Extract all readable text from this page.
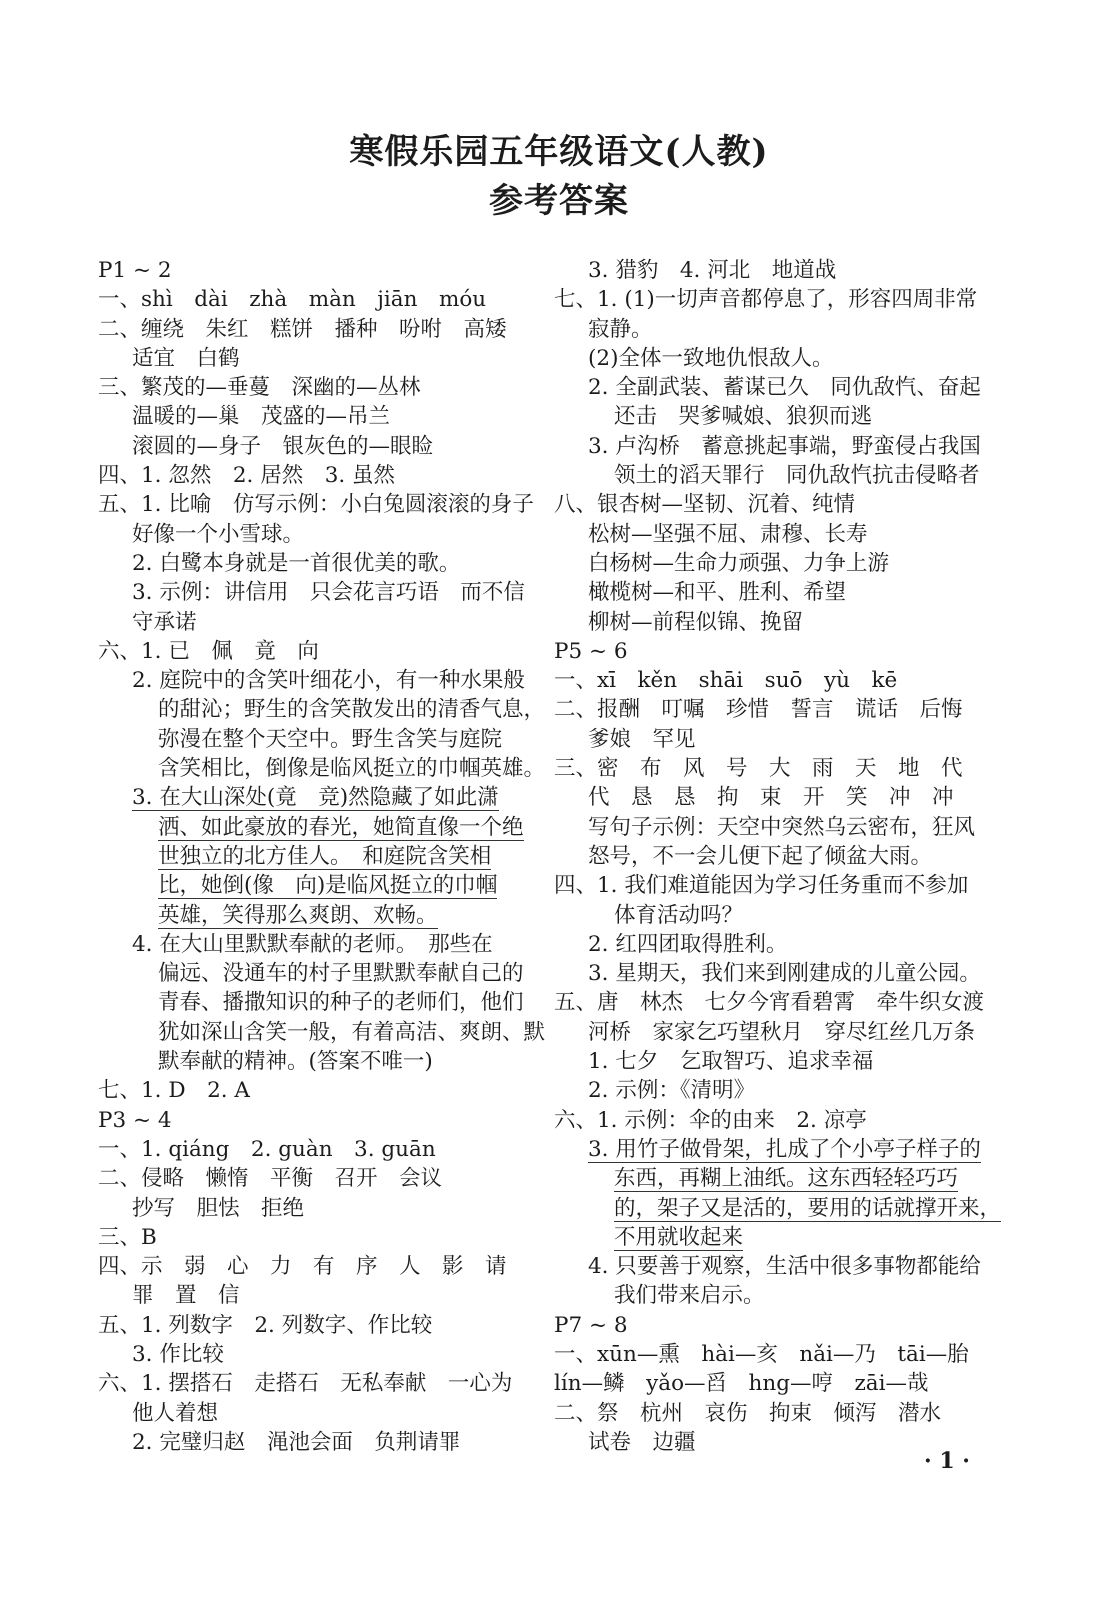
寒假乐园五年级语文(人教)
参考答案
P1 ~ 2
一、shì　dài　zhà　màn　jiān　móu
二、缠绕　朱红　糕饼　播种　吩咐　高矮
适宜　白鹤
三、繁茂的—垂蔓　深幽的—丛林
温暖的—巢　茂盛的—吊兰
滚圆的—身子　银灰色的—眼睑
四、1. 忽然　2. 居然　3. 虽然
五、1. 比喻　仿写示例：小白兔圆滚滚的身子
好像一个小雪球。
2. 白鹭本身就是一首很优美的歌。
3. 示例：讲信用　只会花言巧语　而不信
守承诺
六、1. 已　佩　竟　向
2. 庭院中的含笑叶细花小，有一种水果般
的甜沁；野生的含笑散发出的清香气息，
弥漫在整个天空中。野生含笑与庭院
含笑相比，倒像是临风挺立的巾帼英雄。
3. 在大山深处(竟　竞)然隐藏了如此潇
洒、如此豪放的春光，她简直像一个绝
世独立的北方佳人。　和庭院含笑相
比，她倒(像　向)是临风挺立的巾帼
英雄，笑得那么爽朗、欢畅。
4. 在大山里默默奉献的老师。　那些在
偏远、没通车的村子里默默奉献自己的
青春、播撒知识的种子的老师们，他们
犹如深山含笑一般，有着高洁、爽朗、默
默奉献的精神。(答案不唯一)
七、1. D　2. A
P3 ~ 4
一、1. qiáng　2. guàn　3. guān
二、侵略　懒惰　平衡　召开　会议
抄写　胆怯　拒绝
三、B
四、示　弱　心　力　有　序　人　影　请
罪　置　信
五、1. 列数字　2. 列数字、作比较
3. 作比较
六、1. 摆搭石　走搭石　无私奉献　一心为
他人着想
2. 完璧归赵　渑池会面　负荆请罪
3. 猎豹　4. 河北　地道战
七、1. (1)一切声音都停息了，形容四周非常
寂静。
(2)全体一致地仇恨敌人。
2. 全副武装、蓄谋已久　同仇敌忾、奋起
还击　哭爹喊娘、狼狈而逃
3. 卢沟桥　蓄意挑起事端，野蛮侵占我国
领土的滔天罪行　同仇敌忾抗击侵略者
八、银杏树—坚韧、沉着、纯情
松树—坚强不屈、肃穆、长寿
白杨树—生命力顽强、力争上游
橄榄树—和平、胜利、希望
柳树—前程似锦、挽留
P5 ~ 6
一、xī　kěn　shāi　suō　yù　kē
二、报酬　叮嘱　珍惜　誓言　谎话　后悔
爹娘　罕见
三、密　布　风　号　大　雨　天　地　代
代　恳　恳　拘　束　开　笑　冲　冲
写句子示例：天空中突然乌云密布，狂风
怒号，不一会儿便下起了倾盆大雨。
四、1. 我们难道能因为学习任务重而不参加
体育活动吗？
2. 红四团取得胜利。
3. 星期天，我们来到刚建成的儿童公园。
五、唐　林杰　七夕今宵看碧霄　牵牛织女渡
河桥　家家乞巧望秋月　穿尽红丝几万条
1. 七夕　乞取智巧、追求幸福
2. 示例：《清明》
六、1. 示例：伞的由来　2. 凉亭
3. 用竹子做骨架，扎成了个小亭子样子的
东西，再糊上油纸。这东西轻轻巧巧
的，架子又是活的，要用的话就撑开来，
不用就收起来
4. 只要善于观察，生活中很多事物都能给
我们带来启示。
P7 ~ 8
一、xūn—熏　hài—亥　nǎi—乃　tāi—胎
lín—鳞　yǎo—舀　hng—哼　zāi—哉
二、祭　杭州　哀伤　拘束　倾泻　潜水
试卷　边疆
· 1 ·
